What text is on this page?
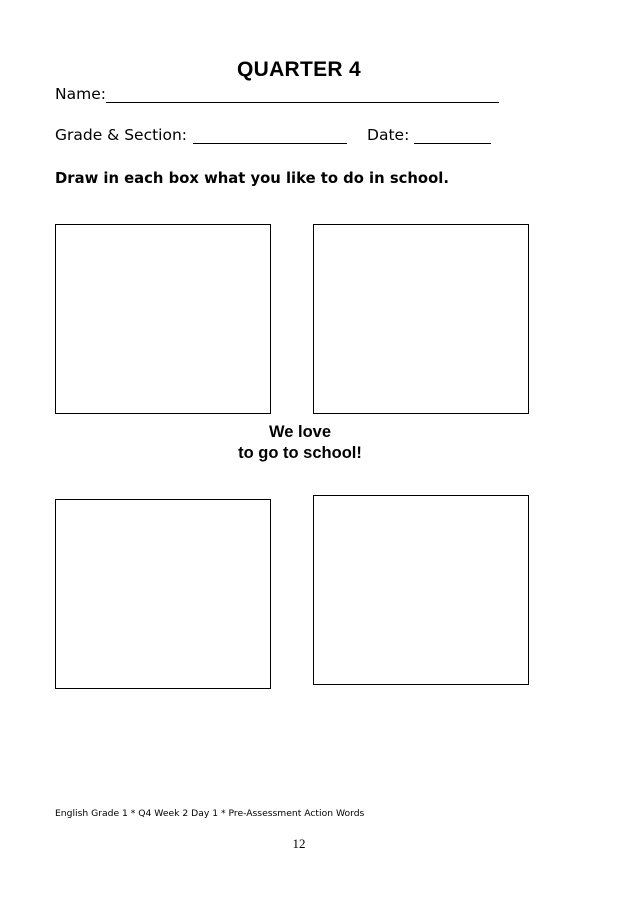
QUARTER 4
Name:
Grade & Section:	Date:
Draw in each box what you like to do in school.
We love
to go to school!
English Grade 1 * Q4 Week 2 Day 1 * Pre-Assessment Action Words
12
